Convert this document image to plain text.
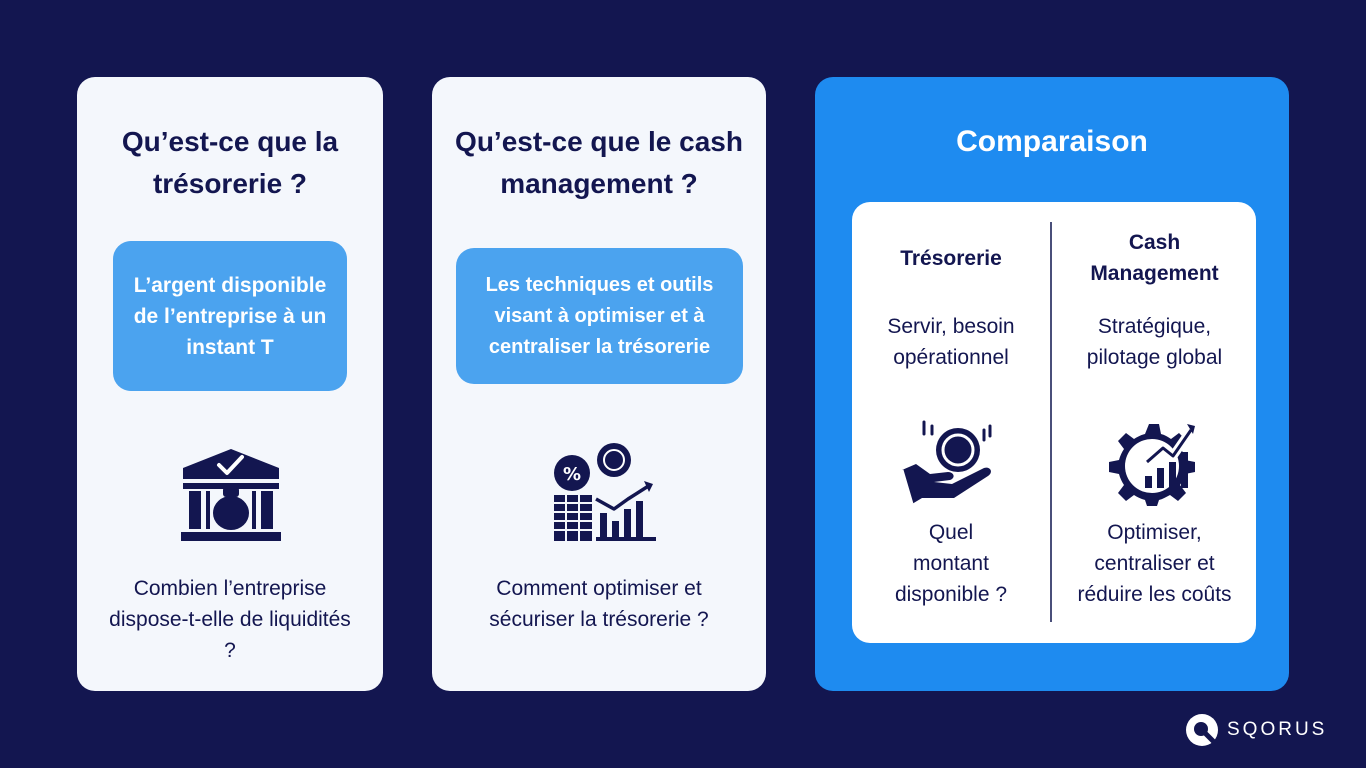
Qu’est-ce que la trésorerie ?
L’argent disponible de l’entreprise à un instant T
Combien l’entreprise dispose-t-elle de liquidités ?
Qu’est-ce que le cash management ?
Les techniques et outils visant à optimiser et à centraliser la trésorerie
%
Comment optimiser et sécuriser la trésorerie ?
Comparaison
Trésorerie
Servir, besoin opérationnel
Quel montant disponible ?
Cash Management
Stratégique, pilotage global
Optimiser, centraliser et réduire les coûts
SQORUS
